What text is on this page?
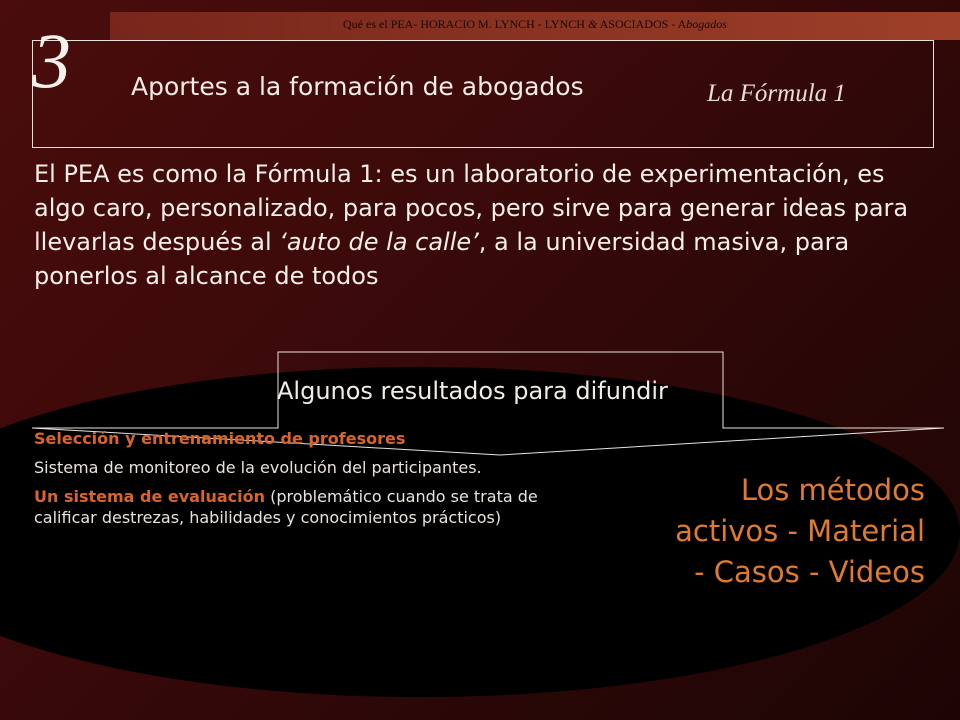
Qué es el PEA- HORACIO M. LYNCH - LYNCH & ASOCIADOS - Abogados
3 Aportes a la formación de abogados	La Fórmula 1
El PEA es como la Fórmula 1: es un laboratorio de experimentación, es algo caro, personalizado, para pocos, pero sirve para generar ideas para llevarlas después al ‘auto de la calle’, a la universidad masiva, para ponerlos al alcance de todos
Algunos resultados para difundir

Selección y entrenamiento de profesores

Sistema de monitoreo de la evolución del participantes.

Un sistema de evaluación (problemático cuando se trata de calificar destrezas, habilidades y conocimientos prácticos)

Los métodos
activos - Material
- Casos - Videos
